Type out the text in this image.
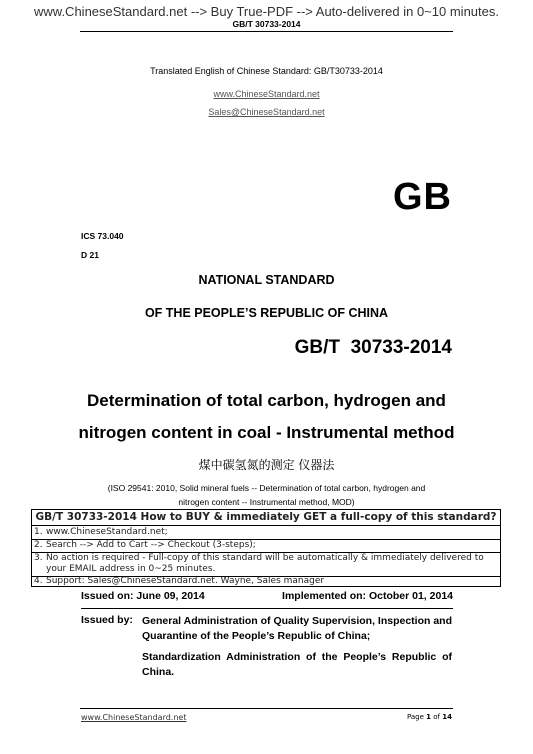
www.ChineseStandard.net --> Buy True-PDF --> Auto-delivered in 0~10 minutes.
GB/T 30733-2014
Translated English of Chinese Standard: GB/T30733-2014
www.ChineseStandard.net
Sales@ChineseStandard.net
GB
ICS 73.040
D 21
NATIONAL STANDARD
OF THE PEOPLE’S REPUBLIC OF CHINA
GB/T  30733-2014
Determination of total carbon, hydrogen and
nitrogen content in coal - Instrumental method
煤中碳氢氮的测定 仪器法
(ISO 29541: 2010, Solid mineral fuels -- Determination of total carbon, hydrogen and
nitrogen content -- Instrumental method, MOD)
GB/T 30733-2014 How to BUY & immediately GET a full-copy of this standard?
1. www.ChineseStandard.net;
2. Search --> Add to Cart --> Checkout (3-steps);
3. No action is required - Full-copy of this standard will be automatically & immediately delivered to
your EMAIL address in 0~25 minutes.
4. Support: Sales@ChineseStandard.net. Wayne, Sales manager
Issued on: June 09, 2014	Implemented on: October 01, 2014
Issued by: General Administration of Quality Supervision, Inspection and Quarantine of the People’s Republic of China;
Standardization Administration of the People’s Republic of China.
www.ChineseStandard.net	Page 1 of 14
